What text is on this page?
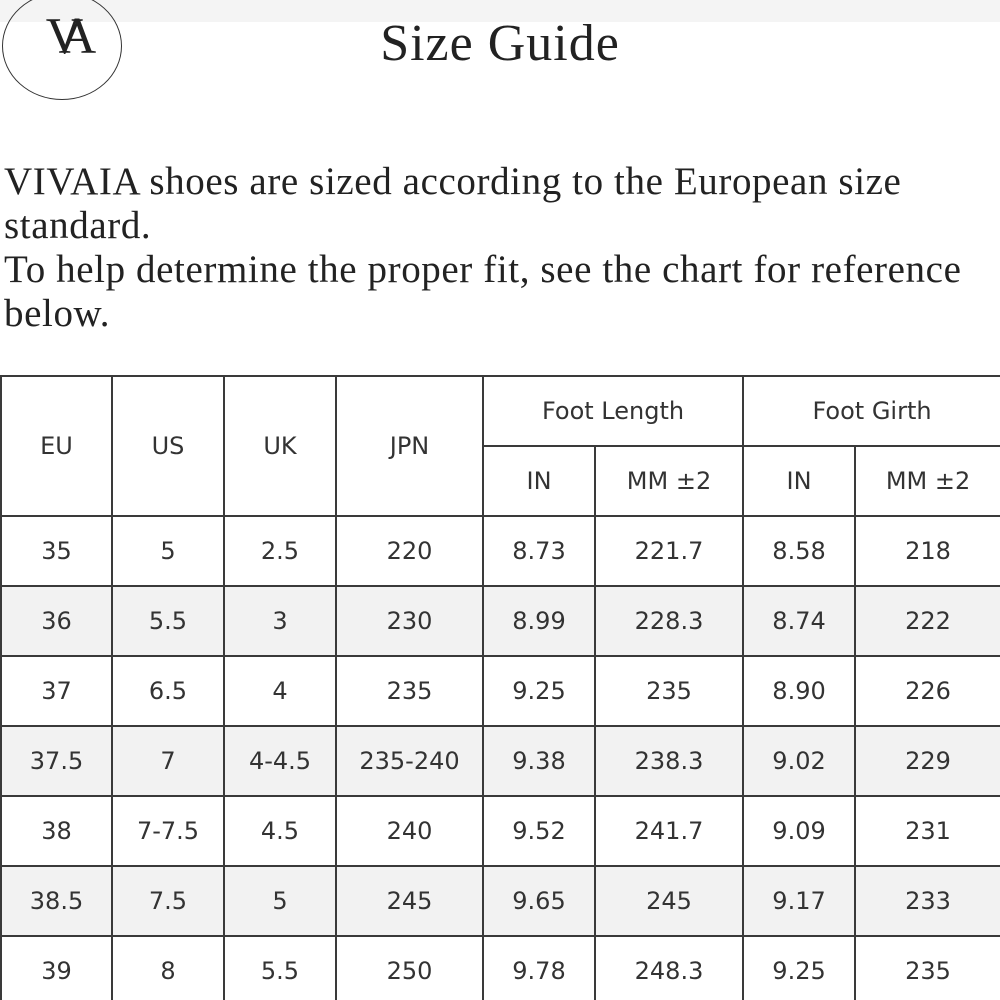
VA	Size Guide

VIVAIA shoes are sized according to the European size standard.

To help determine the proper fit, see the chart for reference below.

EU	US	UK	JPN	Foot Length		Foot Girth	
				IN	MM ±2	IN	MM ±2
35	5	2.5	220	8.73	221.7	8.58	218
36	5.5	3	230	8.99	228.3	8.74	222
37	6.5	4	235	9.25	235	8.90	226
37.5	7	4-4.5	235-240	9.38	238.3	9.02	229
38	7-7.5	4.5	240	9.52	241.7	9.09	231
38.5	7.5	5	245	9.65	245	9.17	233
39	8	5.5	250	9.78	248.3	9.25	235
